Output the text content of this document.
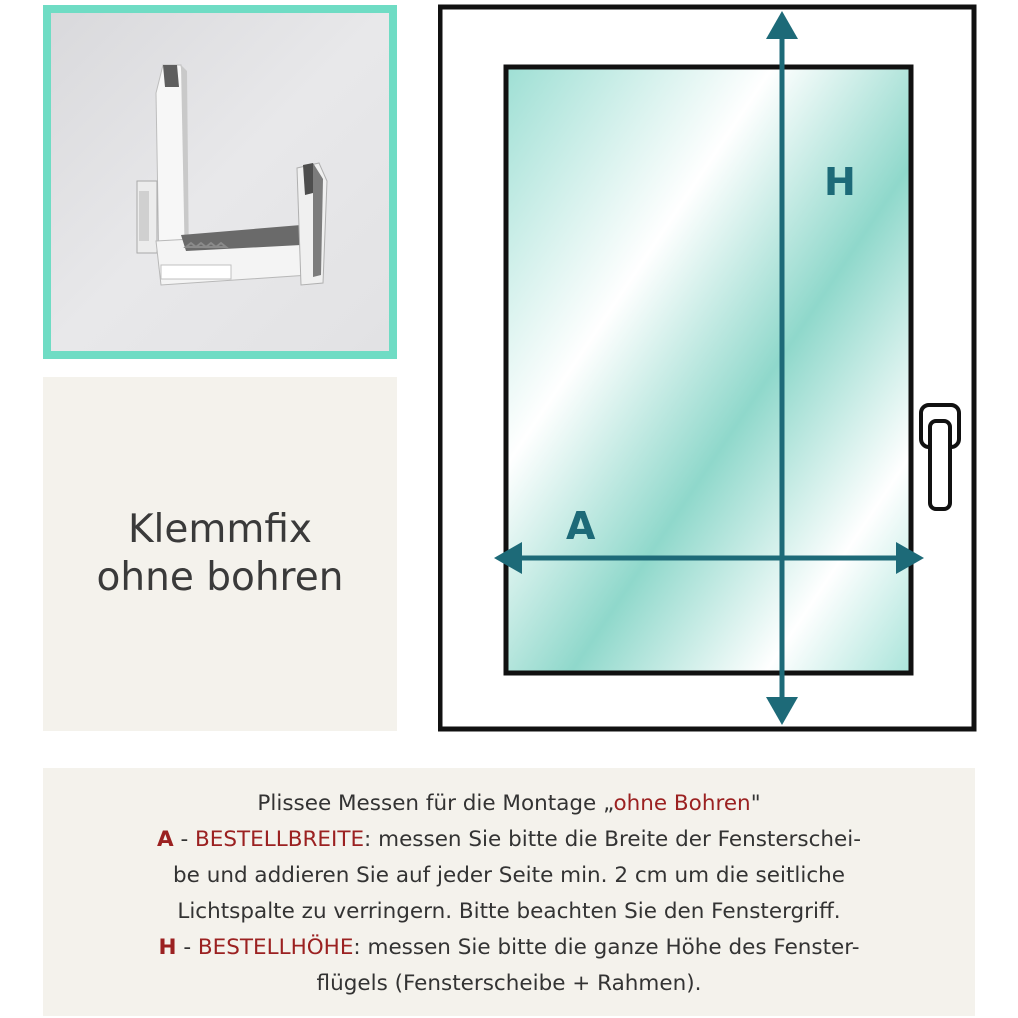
Klemmfix
ohne bohren
H
A
Plissee Messen für die Montage „ohne Bohren"
A - BESTELLBREITE: messen Sie bitte die Breite der Fensterschei-
be und addieren Sie auf jeder Seite min. 2 cm um die seitliche
Lichtspalte zu verringern. Bitte beachten Sie den Fenstergriff.
H - BESTELLHÖHE: messen Sie bitte die ganze Höhe des Fenster-
flügels (Fensterscheibe + Rahmen).
